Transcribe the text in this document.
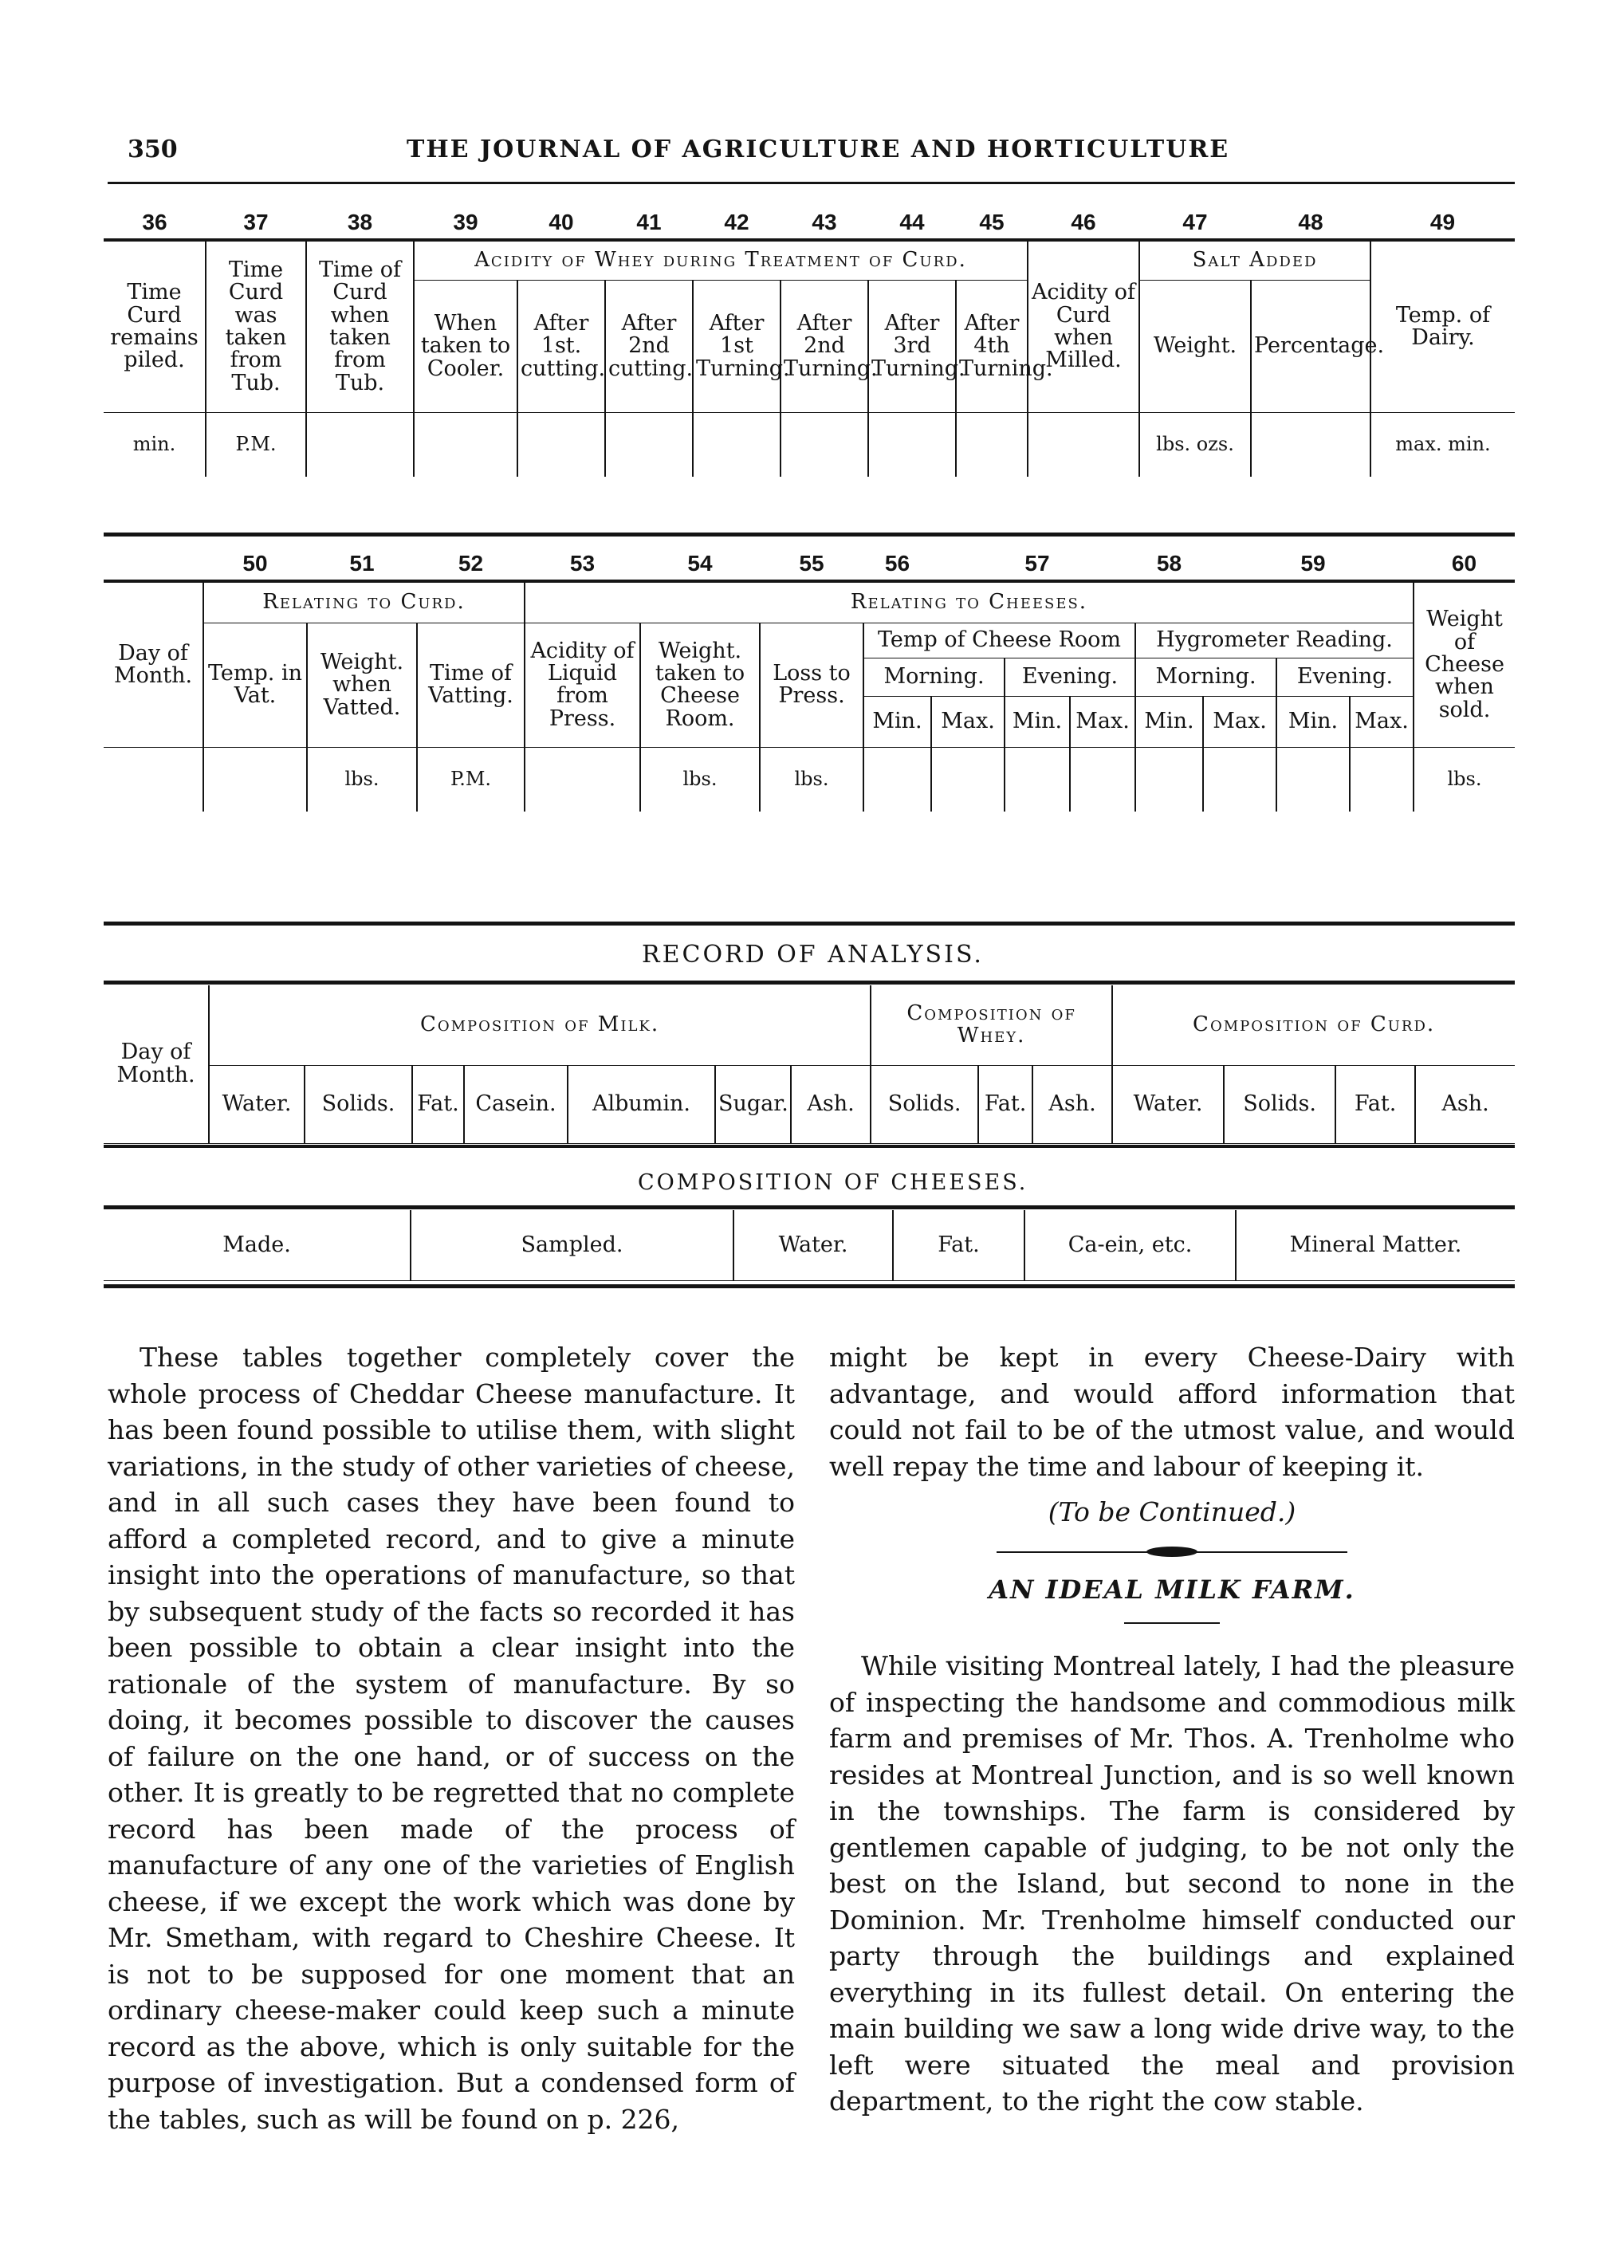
350	THE JOURNAL OF AGRICULTURE AND HORTICULTURE
36	37	38	39	40	41	42	43	44	45	46	47	48	49
Time Curd remains piled.	Time Curd was taken from Tub.	Time of Curd when taken from Tub.	Acidity of Whey during Treatment of Curd.							Acidity of Curd when Milled.	Salt Added		Temp. of Dairy.
			When taken to Cooler.	After 1st. cutting.	After 2nd cutting.	After 1st Turning.	After 2nd Turning.	After 3rd Turning.	After 4th Turning.		Weight.	Percentage.	
min.	P.M.										lbs. ozs.		max. min.
	50	51	52	53	54	55	56		57		58		59		60
Day of Month.	Relating to Curd.			Relating to Cheeses.											Weight of Cheese when sold.
	Temp. in Vat.	Weight. when Vatted.	Time of Vatting.	Acidity of Liquid from Press.	Weight. taken to Cheese Room.	Loss to Press.	Temp of Cheese Room				Hygrometer Reading.				
							Morning.		Evening.		Morning.		Evening.		
							Min.	Max.	Min.	Max.	Min.	Max.	Min.	Max.	
		lbs.	P.M.		lbs.	lbs.									lbs.
RECORD OF ANALYSIS.
Day of Month.	Composition of Milk.							Composition of Whey.			Composition of Curd.			
	Water.	Solids.	Fat.	Casein.	Albumin.	Sugar.	Ash.	Solids.	Fat.	Ash.	Water.	Solids.	Fat.	Ash.
COMPOSITION OF CHEESES.
Made.	Sampled.	Water.	Fat.	Ca-ein, etc.	Mineral Matter.

These tables together completely cover the whole process of Cheddar Cheese manufacture. It has been found possible to utilise them, with slight variations, in the study of other varieties of cheese, and in all such cases they have been found to afford a completed record, and to give a minute insight into the operations of manufacture, so that by subsequent study of the facts so recorded it has been possible to obtain a clear insight into the rationale of the system of manufacture. By so doing, it becomes possible to discover the causes of failure on the one hand, or of success on the other. It is greatly to be regretted that no complete record has been made of the process of manufacture of any one of the varieties of English cheese, if we except the work which was done by Mr. Smetham, with regard to Cheshire Cheese. It is not to be supposed for one moment that an ordinary cheese-maker could keep such a minute record as the above, which is only suitable for the purpose of investigation. But a condensed form of the tables, such as will be found on p. 226,

might be kept in every Cheese-Dairy with advantage, and would afford information that could not fail to be of the utmost value, and would well repay the time and labour of keeping it.

(To be Continued.)

AN IDEAL MILK FARM.

While visiting Montreal lately, I had the pleasure of inspecting the handsome and commodious milk farm and premises of Mr. Thos. A. Trenholme who resides at Montreal Junction, and is so well known in the townships. The farm is considered by gentlemen capable of judging, to be not only the best on the Island, but second to none in the Dominion. Mr. Trenholme himself conducted our party through the buildings and explained everything in its fullest detail. On entering the main building we saw a long wide drive way, to the left were situated the meal and provision department, to the right the cow stable.
